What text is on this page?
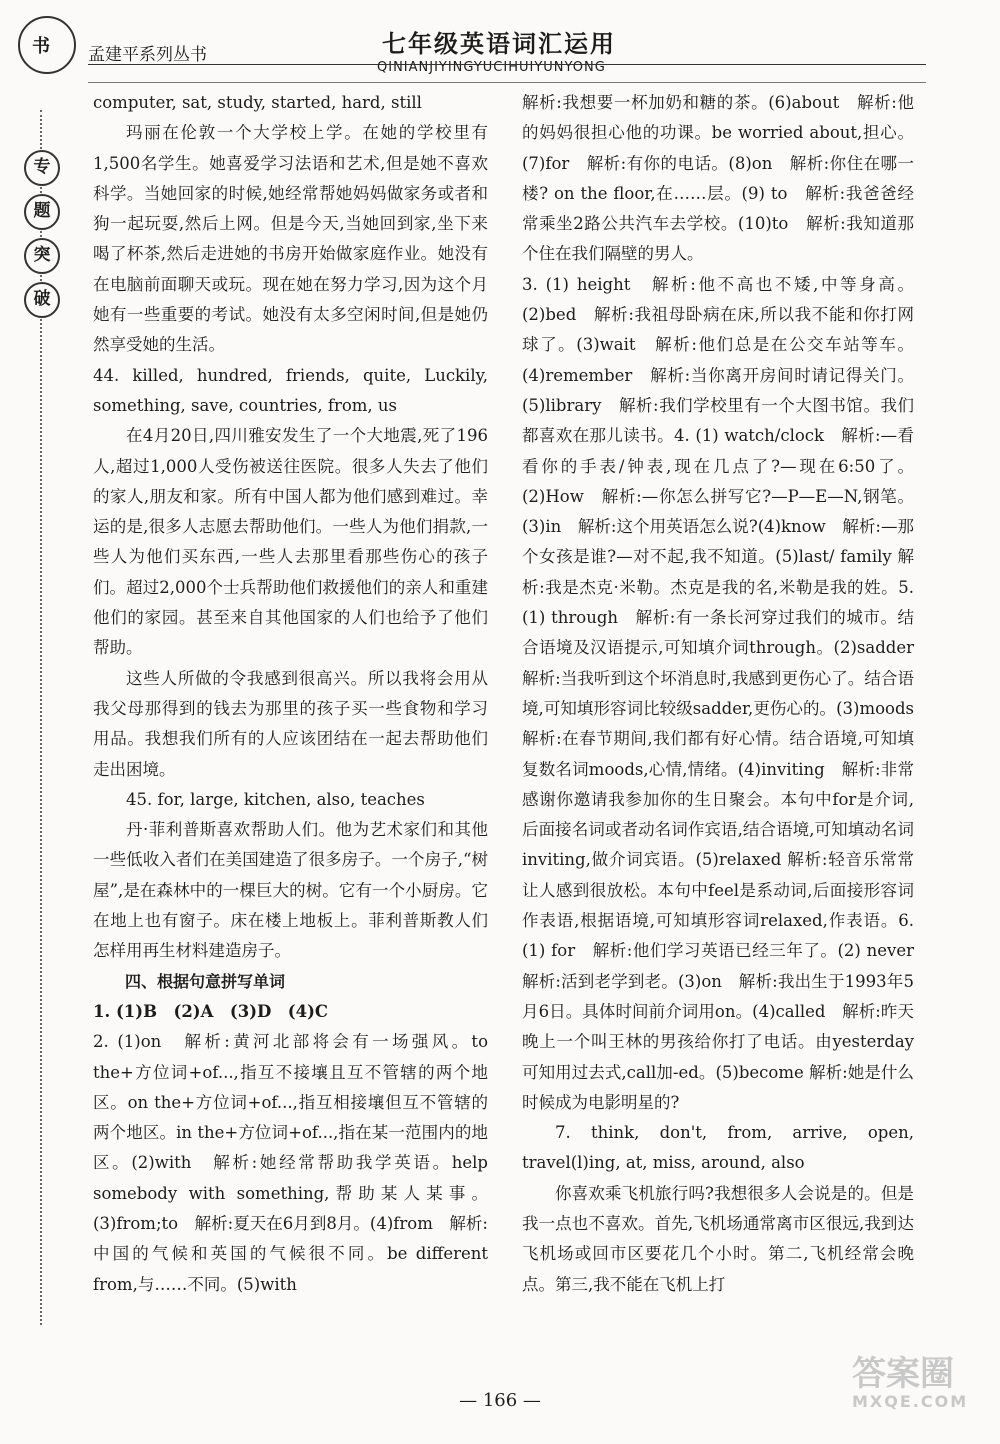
书 孟建平系列丛书	七年级英语词汇运用
QINIANJIYINGYUCIHUIYUNYONG
专
题
突
破

computer, sat, study, started, hard, still

玛丽在伦敦一个大学校上学。在她的学校里有1,500名学生。她喜爱学习法语和艺术,但是她不喜欢科学。当她回家的时候,她经常帮她妈妈做家务或者和狗一起玩耍,然后上网。但是今天,当她回到家,坐下来喝了杯茶,然后走进她的书房开始做家庭作业。她没有在电脑前面聊天或玩。现在她在努力学习,因为这个月她有一些重要的考试。她没有太多空闲时间,但是她仍然享受她的生活。

44. killed, hundred, friends, quite, Luckily, something, save, countries, from, us

在4月20日,四川雅安发生了一个大地震,死了196人,超过1,000人受伤被送往医院。很多人失去了他们的家人,朋友和家。所有中国人都为他们感到难过。幸运的是,很多人志愿去帮助他们。一些人为他们捐款,一些人为他们买东西,一些人去那里看那些伤心的孩子们。超过2,000个士兵帮助他们救援他们的亲人和重建他们的家园。甚至来自其他国家的人们也给予了他们帮助。

这些人所做的令我感到很高兴。所以我将会用从我父母那得到的钱去为那里的孩子买一些食物和学习用品。我想我们所有的人应该团结在一起去帮助他们走出困境。

45. for, large, kitchen, also, teaches

丹·菲利普斯喜欢帮助人们。他为艺术家们和其他一些低收入者们在美国建造了很多房子。一个房子,“树屋”,是在森林中的一棵巨大的树。它有一个小厨房。它在地上也有窗子。床在楼上地板上。菲利普斯教人们怎样用再生材料建造房子。

四、根据句意拼写单词

1. (1)B　(2)A　(3)D　(4)C

2. (1)on　解析:黄河北部将会有一场强风。to the+方位词+of...,指互不接壤且互不管辖的两个地区。on the+方位词+of...,指互相接壤但互不管辖的两个地区。in the+方位词+of...,指在某一范围内的地区。(2)with　解析:她经常帮助我学英语。help somebody with something,帮助某人某事。(3)from;to　解析:夏天在6月到8月。(4)from　解析:中国的气候和英国的气候很不同。be different from,与……不同。(5)with

解析:我想要一杯加奶和糖的茶。(6)about　解析:他的妈妈很担心他的功课。be worried about,担心。(7)for　解析:有你的电话。(8)on　解析:你住在哪一楼? on the floor,在……层。(9) to　解析:我爸爸经常乘坐2路公共汽车去学校。(10)to　解析:我知道那个住在我们隔壁的男人。

3. (1) height　解析:他不高也不矮,中等身高。(2)bed　解析:我祖母卧病在床,所以我不能和你打网球了。(3)wait　解析:他们总是在公交车站等车。(4)remember　解析:当你离开房间时请记得关门。(5)library　解析:我们学校里有一个大图书馆。我们都喜欢在那儿读书。4. (1) watch/clock　解析:—看看你的手表/钟表,现在几点了?—现在6:50了。(2)How　解析:—你怎么拼写它?—P—E—N,钢笔。(3)in　解析:这个用英语怎么说?(4)know　解析:—那个女孩是谁?—对不起,我不知道。(5)last/ family 解析:我是杰克·米勒。杰克是我的名,米勒是我的姓。5. (1) through　解析:有一条长河穿过我们的城市。结合语境及汉语提示,可知填介词through。(2)sadder　解析:当我听到这个坏消息时,我感到更伤心了。结合语境,可知填形容词比较级sadder,更伤心的。(3)moods　解析:在春节期间,我们都有好心情。结合语境,可知填复数名词moods,心情,情绪。(4)inviting　解析:非常感谢你邀请我参加你的生日聚会。本句中for是介词,后面接名词或者动名词作宾语,结合语境,可知填动名词inviting,做介词宾语。(5)relaxed 解析:轻音乐常常让人感到很放松。本句中feel是系动词,后面接形容词作表语,根据语境,可知填形容词relaxed,作表语。6. (1) for　解析:他们学习英语已经三年了。(2) never 解析:活到老学到老。(3)on　解析:我出生于1993年5月6日。具体时间前介词用on。(4)called　解析:昨天晚上一个叫王林的男孩给你打了电话。由yesterday可知用过去式,call加-ed。(5)become 解析:她是什么时候成为电影明星的?

7. think, don't, from, arrive, open, travel(l)ing, at, miss, around, also

你喜欢乘飞机旅行吗?我想很多人会说是的。但是我一点也不喜欢。首先,飞机场通常离市区很远,我到达飞机场或回市区要花几个小时。第二,飞机经常会晚点。第三,我不能在飞机上打

— 166 —
答案圈
MXQE.COM
